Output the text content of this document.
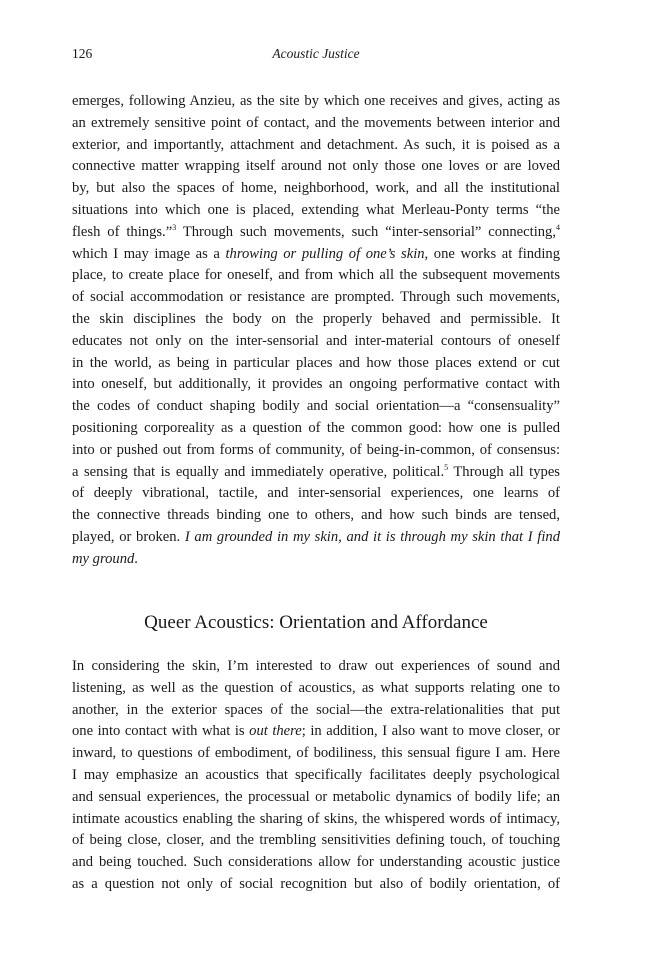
126	Acoustic Justice

emerges, following Anzieu, as the site by which one receives and gives, acting as
an extremely sensitive point of contact, and the movements between interior and
exterior, and importantly, attachment and detachment. As such, it is poised as a
connective matter wrapping itself around not only those one loves or are loved
by, but also the spaces of home, neighborhood, work, and all the institutional
situations into which one is placed, extending what Merleau-Ponty terms “the
flesh of things.”$^3$ Through such movements, such “inter-sensorial” connecting,$^4$
which I may image as a throwing or pulling of one’s skin, one works at finding
place, to create place for oneself, and from which all the subsequent movements
of social accommodation or resistance are prompted. Through such movements,
the skin disciplines the body on the properly behaved and permissible. It
educates not only on the inter-sensorial and inter-material contours of oneself
in the world, as being in particular places and how those places extend or cut
into oneself, but additionally, it provides an ongoing performative contact with
the codes of conduct shaping bodily and social orientation—a “consensuality”
positioning corporeality as a question of the common good: how one is pulled
into or pushed out from forms of community, of being-in-common, of consensus:
a sensing that is equally and immediately operative, political.$^5$ Through all types
of deeply vibrational, tactile, and inter-sensorial experiences, one learns of
the connective threads binding one to others, and how such binds are tensed,
played, or broken. I am grounded in my skin, and it is through my skin that I find
my ground.

Queer Acoustics: Orientation and Affordance

In considering the skin, I’m interested to draw out experiences of sound and
listening, as well as the question of acoustics, as what supports relating one to
another, in the exterior spaces of the social—the extra-relationalities that put
one into contact with what is out there; in addition, I also want to move closer, or
inward, to questions of embodiment, of bodiliness, this sensual figure I am. Here
I may emphasize an acoustics that specifically facilitates deeply psychological
and sensual experiences, the processual or metabolic dynamics of bodily life; an
intimate acoustics enabling the sharing of skins, the whispered words of intimacy,
of being close, closer, and the trembling sensitivities defining touch, of touching
and being touched. Such considerations allow for understanding acoustic justice
as a question not only of social recognition but also of bodily orientation, of
